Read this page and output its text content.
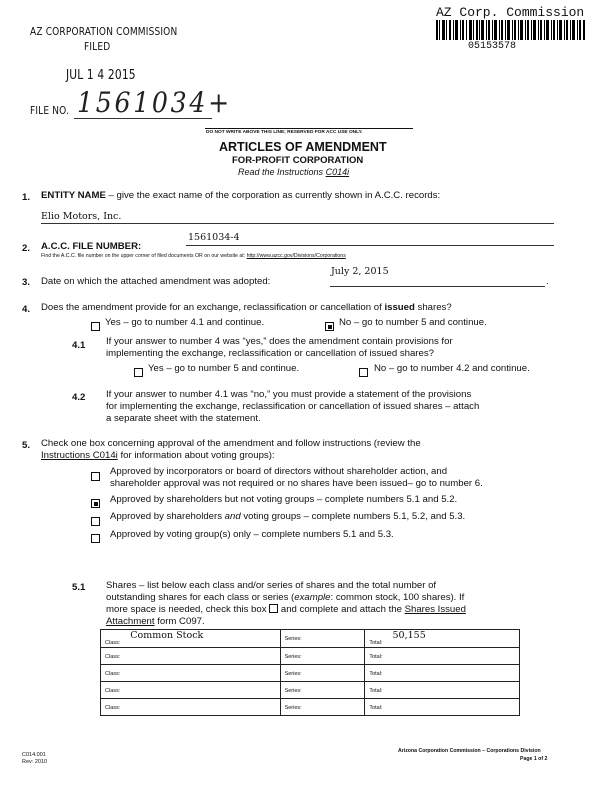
AZ CORPORATION COMMISSION
FILED
JUL 1 4 2015
FILE NO. 1561034+
AZ Corp. Commission
05153578
DO NOT WRITE ABOVE THIS LINE; RESERVED FOR ACC USE ONLY.
ARTICLES OF AMENDMENT
FOR-PROFIT CORPORATION
Read the Instructions C014i
1. ENTITY NAME – give the exact name of the corporation as currently shown in A.C.C. records:
Elio Motors, Inc.
2. A.C.C. FILE NUMBER:
1561034-4
Find the A.C.C. file number on the upper corner of filed documents OR on our website at: http://www.azcc.gov/Divisions/Corporations
3. Date on which the attached amendment was adopted:
July 2, 2015
.
4. Does the amendment provide for an exchange, reclassification or cancellation of issued shares?
Yes – go to number 4.1 and continue.	No – go to number 5 and continue.
4.1 If your answer to number 4 was “yes,” does the amendment contain provisions for
implementing the exchange, reclassification or cancellation of issued shares?
Yes – go to number 5 and continue.	No – go to number 4.2 and continue.
4.2 If your answer to number 4.1 was “no,” you must provide a statement of the provisions
for implementing the exchange, reclassification or cancellation of issued shares – attach
a separate sheet with the statement.
5. Check one box concerning approval of the amendment and follow instructions (review the
Instructions C014i for information about voting groups):
Approved by incorporators or board of directors without shareholder action, and
shareholder approval was not required or no shares have been issued– go to number 6.
Approved by shareholders but not voting groups – complete numbers 5.1 and 5.2.
Approved by shareholders and voting groups – complete numbers 5.1, 5.2, and 5.3.
Approved by voting group(s) only – complete numbers 5.1 and 5.3.
5.1 Shares – list below each class and/or series of shares and the total number of
outstanding shares for each class or series (example: common stock, 100 shares). If
more space is needed, check this box  and complete and attach the Shares Issued
Attachment form C097.
Class:Common Stock	Series:	Total:50,155
Class:	Series:	Total:
Class:	Series:	Total:
Class:	Series:	Total:
Class:	Series:	Total:
C014.001
Rev: 2010
Arizona Corporation Commission – Corporations Division
Page 1 of 2
